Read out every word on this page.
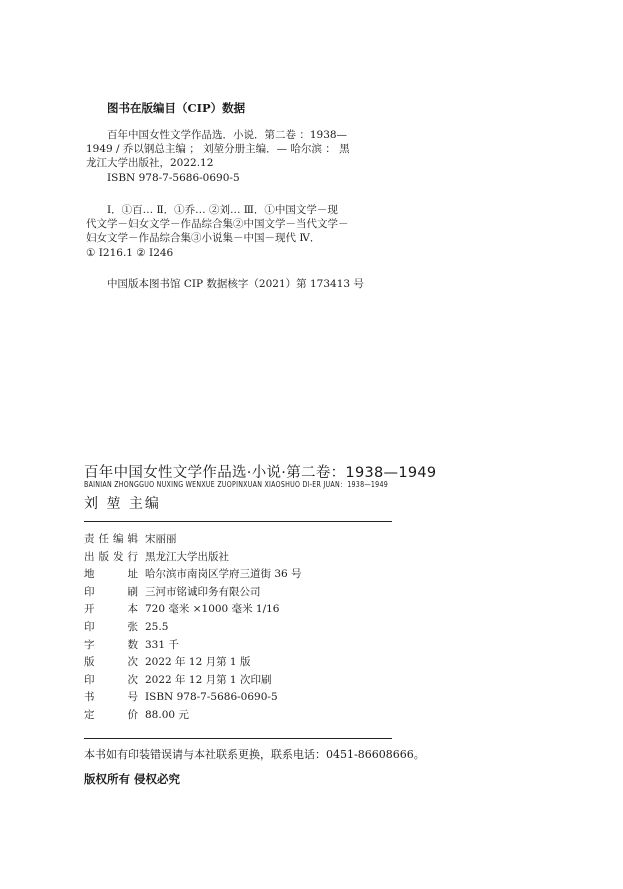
图书在版编目（CIP）数据
百年中国女性文学作品选．小说．第二卷 ：1938—
1949 / 乔以钢总主编 ； 刘堃分册主编．— 哈尔滨 ： 黑
龙江大学出版社，2022.12
ISBN 978-7-5686-0690-5
Ⅰ．①百… Ⅱ．①乔… ②刘… Ⅲ．①中国文学－现
代文学－妇女文学－作品综合集②中国文学－当代文学－
妇女文学－作品综合集③小说集－中国－现代 Ⅳ．
① I216.1 ② I246
中国版本图书馆 CIP 数据核字（2021）第 173413 号
百年中国女性文学作品选·小说·第二卷：1938—1949
BAINIAN ZHONGGUO NUXING WENXUE ZUOPINXUAN XIAOSHUO DI-ER JUAN：1938—1949
刘 堃 主编
责任编辑 宋丽丽
出版发行 黑龙江大学出版社
地址 哈尔滨市南岗区学府三道街 36 号
印刷 三河市铭诚印务有限公司
开本 720 毫米 ×1000 毫米 1/16
印张 25.5
字数 331 千
版次 2022 年 12 月第 1 版
印次 2022 年 12 月第 1 次印刷
书号 ISBN 978-7-5686-0690-5
定价 88.00 元
本书如有印装错误请与本社联系更换，联系电话：0451-86608666。
版权所有 侵权必究
